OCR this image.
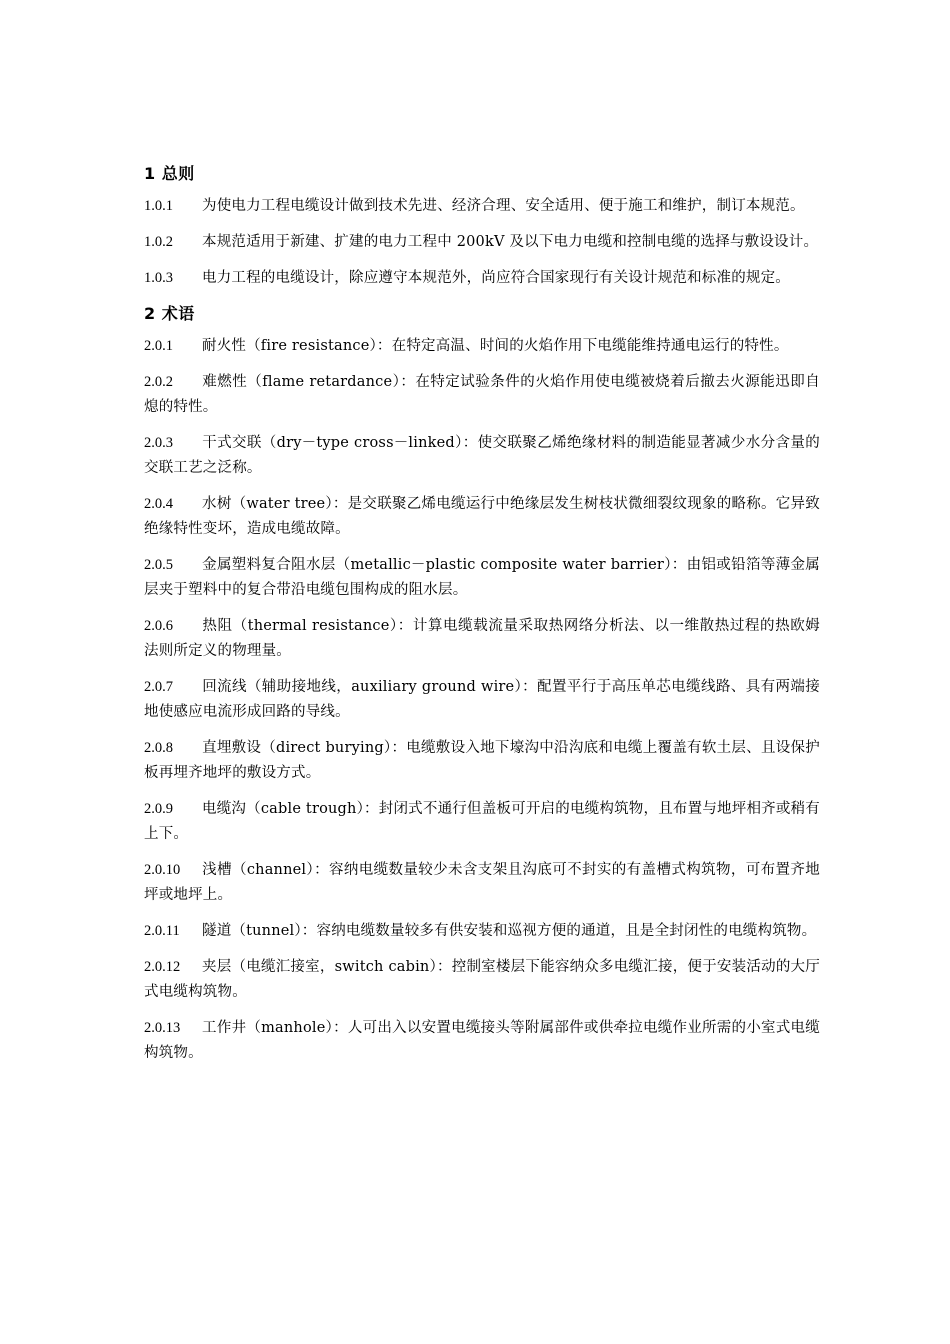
1 总则

1.0.1 为使电力工程电缆设计做到技术先进、经济合理、安全适用、便于施工和维护，制订本规范。

1.0.2 本规范适用于新建、扩建的电力工程中 200kV 及以下电力电缆和控制电缆的选择与敷设设计。

1.0.3 电力工程的电缆设计，除应遵守本规范外，尚应符合国家现行有关设计规范和标准的规定。

2 术语

2.0.1 耐火性（fire resistance）：在特定高温、时间的火焰作用下电缆能维持通电运行的特性。

2.0.2 难燃性（flame retardance）：在特定试验条件的火焰作用使电缆被烧着后撤去火源能迅即自熄的特性。

2.0.3 干式交联（dry－type cross－linked）：使交联聚乙烯绝缘材料的制造能显著减少水分含量的交联工艺之泛称。

2.0.4 水树（water tree）：是交联聚乙烯电缆运行中绝缘层发生树枝状微细裂纹现象的略称。它异致绝缘特性变坏，造成电缆故障。

2.0.5 金属塑料复合阻水层（metallic－plastic composite water barrier）：由铝或铅箔等薄金属层夹于塑料中的复合带沿电缆包围构成的阻水层。

2.0.6 热阻（thermal resistance）：计算电缆载流量采取热网络分析法、以一维散热过程的热欧姆法则所定义的物理量。

2.0.7 回流线（辅助接地线，auxiliary ground wire）：配置平行于高压单芯电缆线路、具有两端接地使感应电流形成回路的导线。

2.0.8 直埋敷设（direct burying）：电缆敷设入地下壕沟中沿沟底和电缆上覆盖有软土层、且设保护板再埋齐地坪的敷设方式。

2.0.9 电缆沟（cable trough）：封闭式不通行但盖板可开启的电缆构筑物，且布置与地坪相齐或稍有上下。

2.0.10 浅槽（channel）：容纳电缆数量较少未含支架且沟底可不封实的有盖槽式构筑物，可布置齐地坪或地坪上。

2.0.11 隧道（tunnel）：容纳电缆数量较多有供安装和巡视方便的通道，且是全封闭性的电缆构筑物。

2.0.12 夹层（电缆汇接室，switch cabin）：控制室楼层下能容纳众多电缆汇接，便于安装活动的大厅式电缆构筑物。

2.0.13 工作井（manhole）：人可出入以安置电缆接头等附属部件或供牵拉电缆作业所需的小室式电缆构筑物。
